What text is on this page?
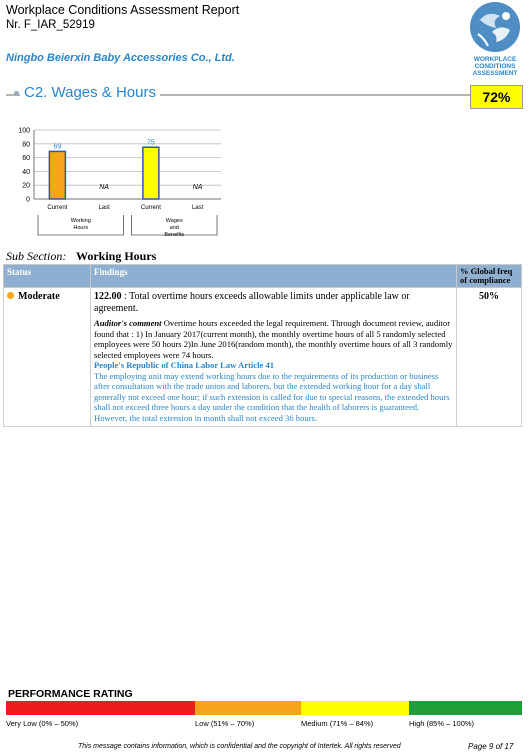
Workplace Conditions Assessment Report
Nr. F_IAR_52919
Ningbo Beierxin Baby Accessories Co., Ltd.	WORKPLACE
CONDITIONS
ASSESSMENT
C2. Wages & Hours	72%
100
80
60
40
20
0
69
Current
NA
Last
Working
Hours
75
Current
NA
Last
Wages
and
Benefits
Sub Section: Working Hours
Status	Findings	% Global freq of compliance
Moderate	122.00 : Total overtime hours exceeds allowable limits under applicable law or agreement.
Auditor's comment Overtime hours exceeded the legal requirement. Through document review, auditor found that : 1) In January 2017(current month), the monthly overtime hours of all 5 randomly selected employees were 50 hours 2)In June 2016(random month), the monthly overtime hours of all 3 randomly selected employees were 74 hours.
People's Republic of China Labor Law Article 41
The employing unit may extend working hours due to the requirements of its production or business after consultation with the trade union and laborers, but the extended working hour for a day shall generally not exceed one hour; if such extension is called for due to special reasons, the extended hours shall not exceed three hours a day under the condition that the health of laborers is guaranteed. However, the total extension in month shall not exceed 36 hours.	50%
PERFORMANCE RATING
Very Low (0% – 50%)	Low (51% – 70%)	Medium (71% – 84%)	High (85% – 100%)
This message contains information, which is confidential and the copyright of Intertek. All rights reserved	Page 9 of 17
